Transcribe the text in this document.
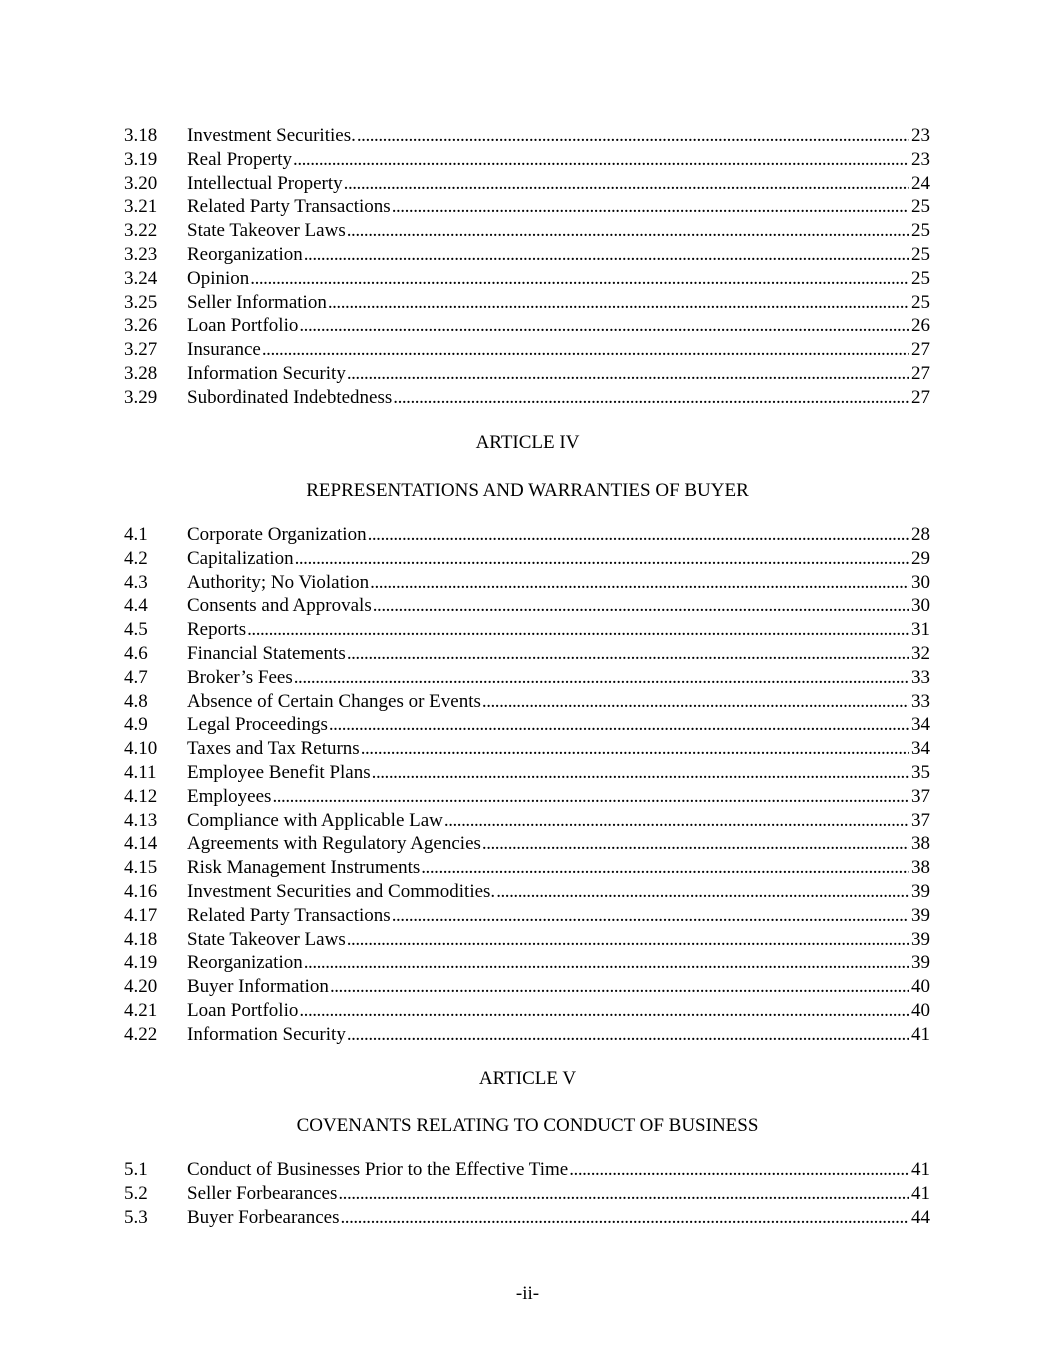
3.18	Investment Securities. . . .	23
3.19	Real Property . . .	23
3.20	Intellectual Property . . .	24
3.21	Related Party Transactions . . .	25
3.22	State Takeover Laws . . .	25
3.23	Reorganization . . .	25
3.24	Opinion . . .	25
3.25	Seller Information . . .	25
3.26	Loan Portfolio . . .	26
3.27	Insurance . . .	27
3.28	Information Security . . .	27
3.29	Subordinated Indebtedness . . .	27
ARTICLE IV
REPRESENTATIONS AND WARRANTIES OF BUYER
4.1	Corporate Organization . . .	28
4.2	Capitalization . . .	29
4.3	Authority; No Violation . . .	30
4.4	Consents and Approvals . . .	30
4.5	Reports . . .	31
4.6	Financial Statements . . .	32
4.7	Broker’s Fees . . .	33
4.8	Absence of Certain Changes or Events . . .	33
4.9	Legal Proceedings . . .	34
4.10	Taxes and Tax Returns . . .	34
4.11	Employee Benefit Plans . . .	35
4.12	Employees . . .	37
4.13	Compliance with Applicable Law . . .	37
4.14	Agreements with Regulatory Agencies . . .	38
4.15	Risk Management Instruments . . .	38
4.16	Investment Securities and Commodities. . . .	39
4.17	Related Party Transactions . . .	39
4.18	State Takeover Laws . . .	39
4.19	Reorganization . . .	39
4.20	Buyer Information . . .	40
4.21	Loan Portfolio . . .	40
4.22	Information Security . . .	41
ARTICLE V
COVENANTS RELATING TO CONDUCT OF BUSINESS
5.1	Conduct of Businesses Prior to the Effective Time . . .	41
5.2	Seller Forbearances . . .	41
5.3	Buyer Forbearances . . .	44
-ii-
